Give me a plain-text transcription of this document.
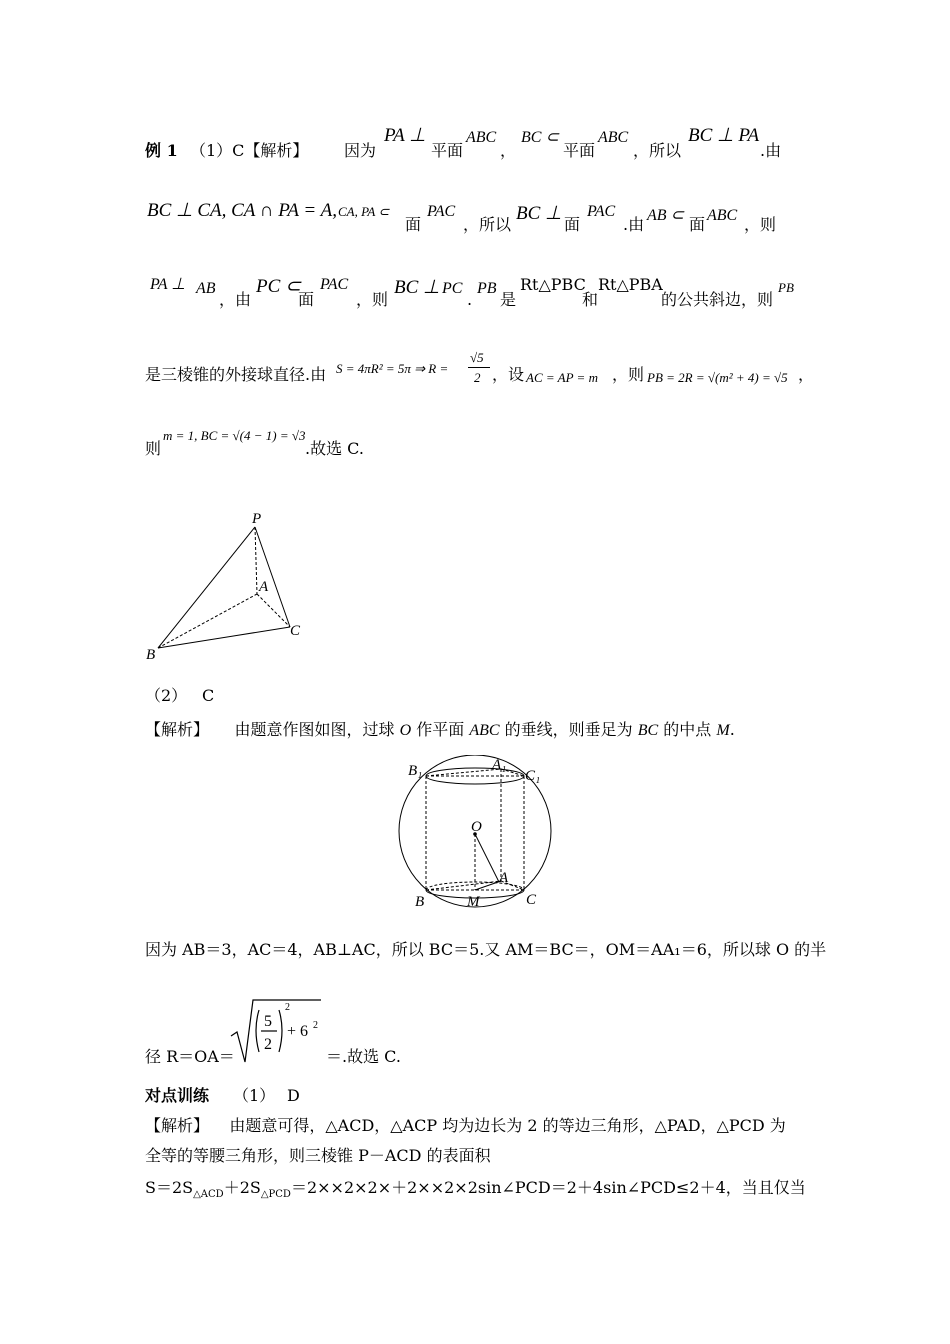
例 1 （1）C【解析】 因为
PA ⊥
平面
ABC
，
BC ⊂
平面
ABC
，所以
BC ⊥ PA
.由
BC ⊥ CA, CA ∩ PA = A, CA, PA ⊂
面
PAC
，所以
BC ⊥
面
PAC
.由 AB ⊂ 面 ABC ，则
PA ⊥ AB
，由
PC ⊂
面
PAC
，则
BC ⊥ PC
.
PB
是
Rt△PBC
和
Rt△PBA
的公共斜边，则
PB
是三棱锥的外接球直径.由 S = 4πR² = 5π ⇒ R =
√5
2 ，设 AC = AP = m ，则 PB = 2R = √(m² + 4) = √5 ，
则
m = 1, BC = √(4 − 1) = √3
.故选 C.
P
A
B
C
（2） C
【解析】 由题意作图如图，过球 O 作平面 ABC 的垂线，则垂足为 BC 的中点 M.
B₁	A₁
C₁
O
A
B	M	C
因为 AB＝3，AC＝4，AB⊥AC，所以 BC＝5.又 AM＝BC＝，OM＝AA₁＝6，所以球 O 的半
径 R＝OA＝
5
2
2
+ 6 2
＝.故选 C.
对点训练 （1） D
【解析】 由题意可得，△ACD，△ACP 均为边长为 2 的等边三角形，△PAD，△PCD 为
全等的等腰三角形，则三棱锥 P－ACD 的表面积
$S=2S_{\triangle ACD}+2S_{\triangle PCD}=2\times\times 2\times 2\times+2\times\times 2\times 2\sin\angle PCD=2+4\sin\angle PCD\le 2+4$，当且仅当
